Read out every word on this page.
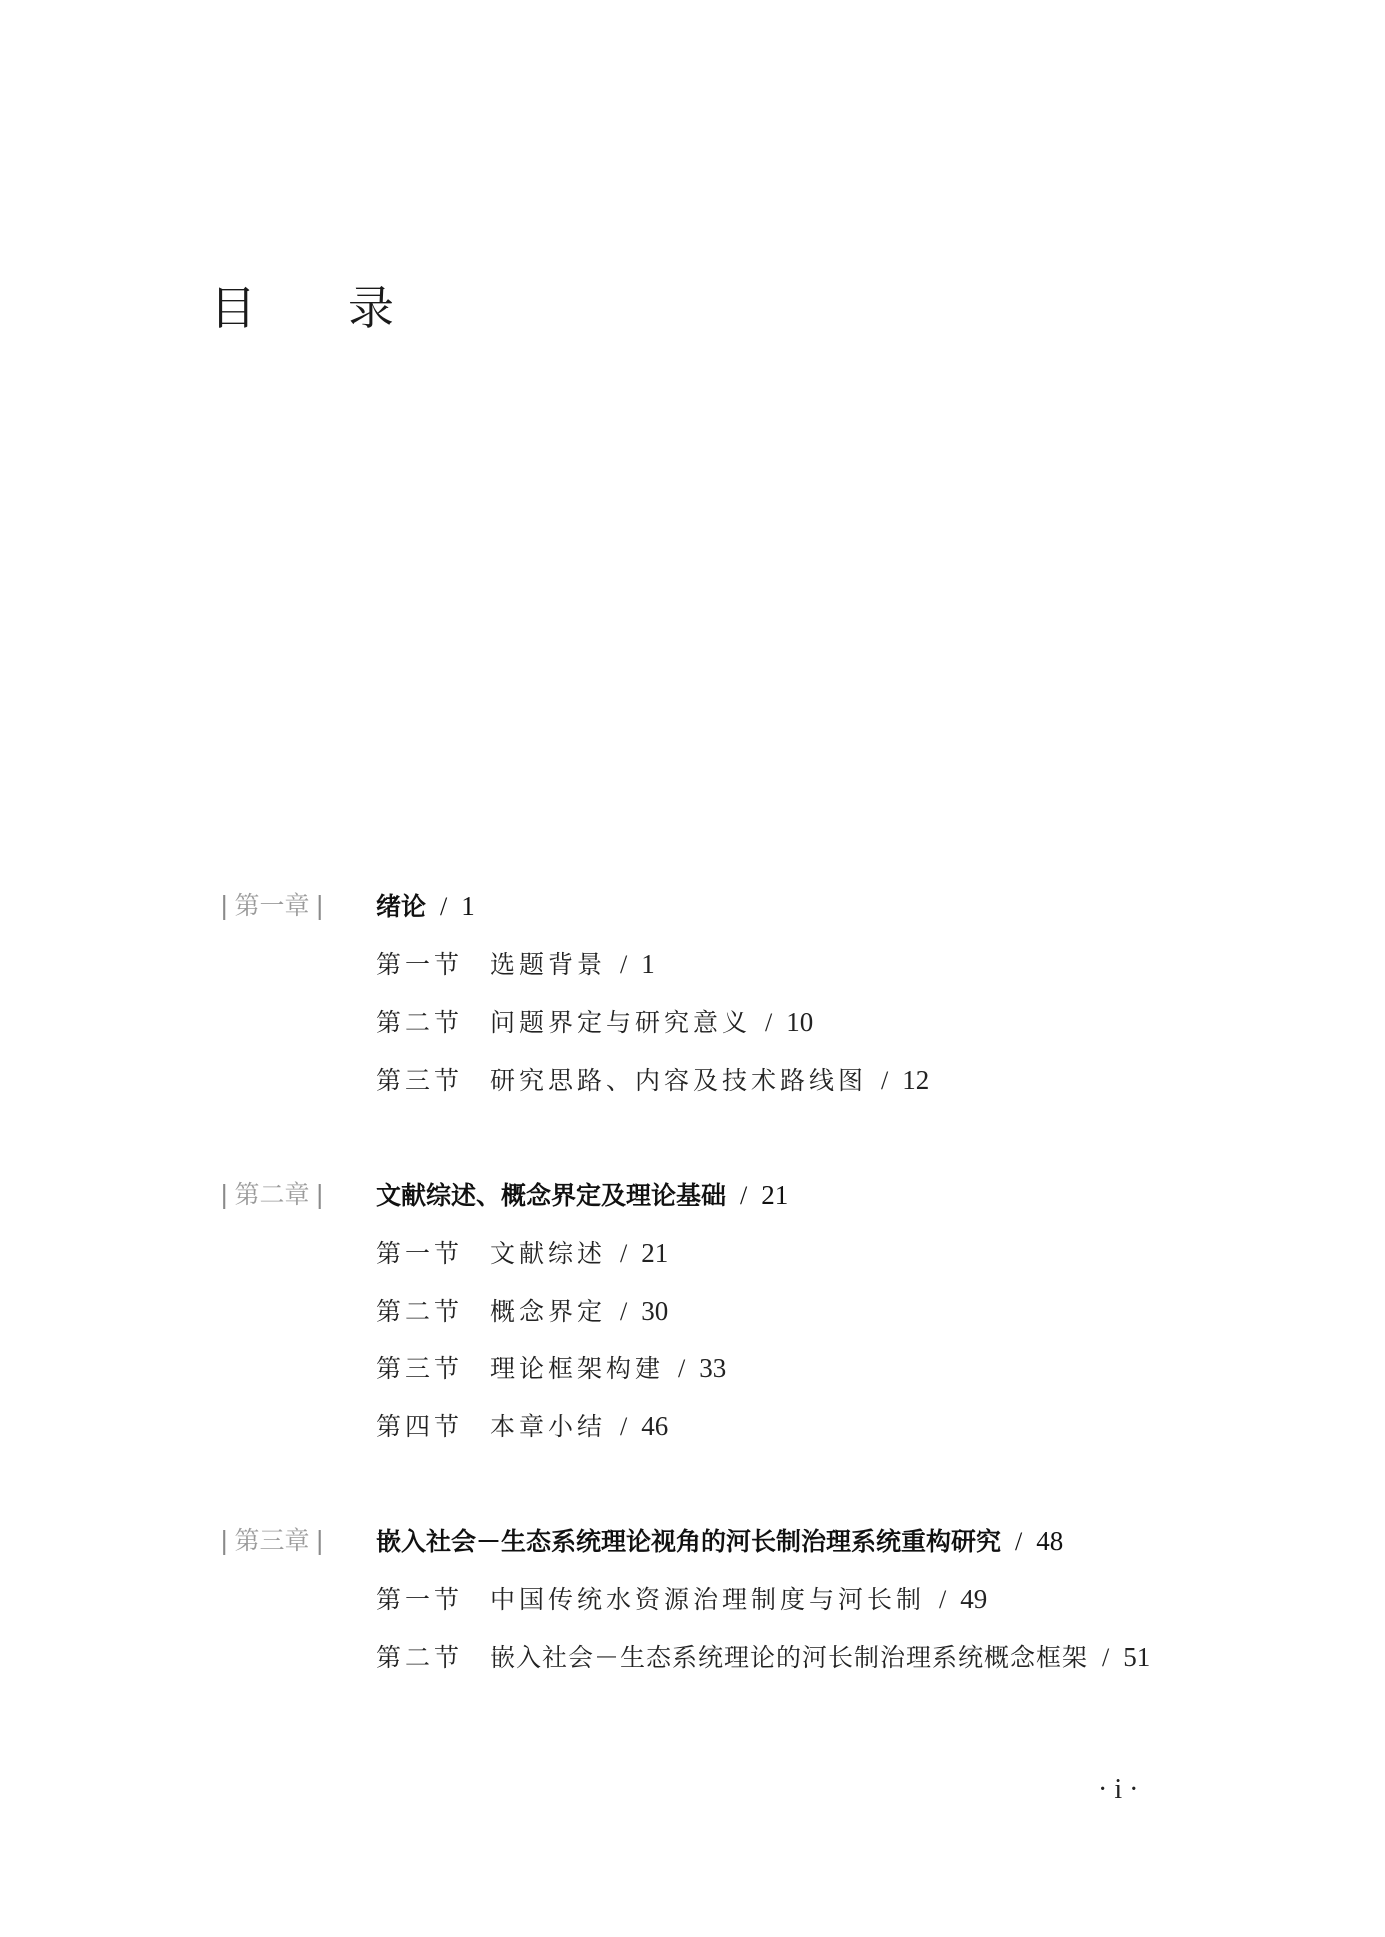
目 录
| 第一章 | 绪论 / 1
第一节 选题背景 / 1
第二节 问题界定与研究意义 / 10
第三节 研究思路、内容及技术路线图 / 12
| 第二章 | 文献综述、概念界定及理论基础 / 21
第一节 文献综述 / 21
第二节 概念界定 / 30
第三节 理论框架构建 / 33
第四节 本章小结 / 46
| 第三章 | 嵌入社会－生态系统理论视角的河长制治理系统重构研究 / 48
第一节 中国传统水资源治理制度与河长制 / 49
第二节 嵌入社会－生态系统理论的河长制治理系统概念框架 / 51
· i ·
